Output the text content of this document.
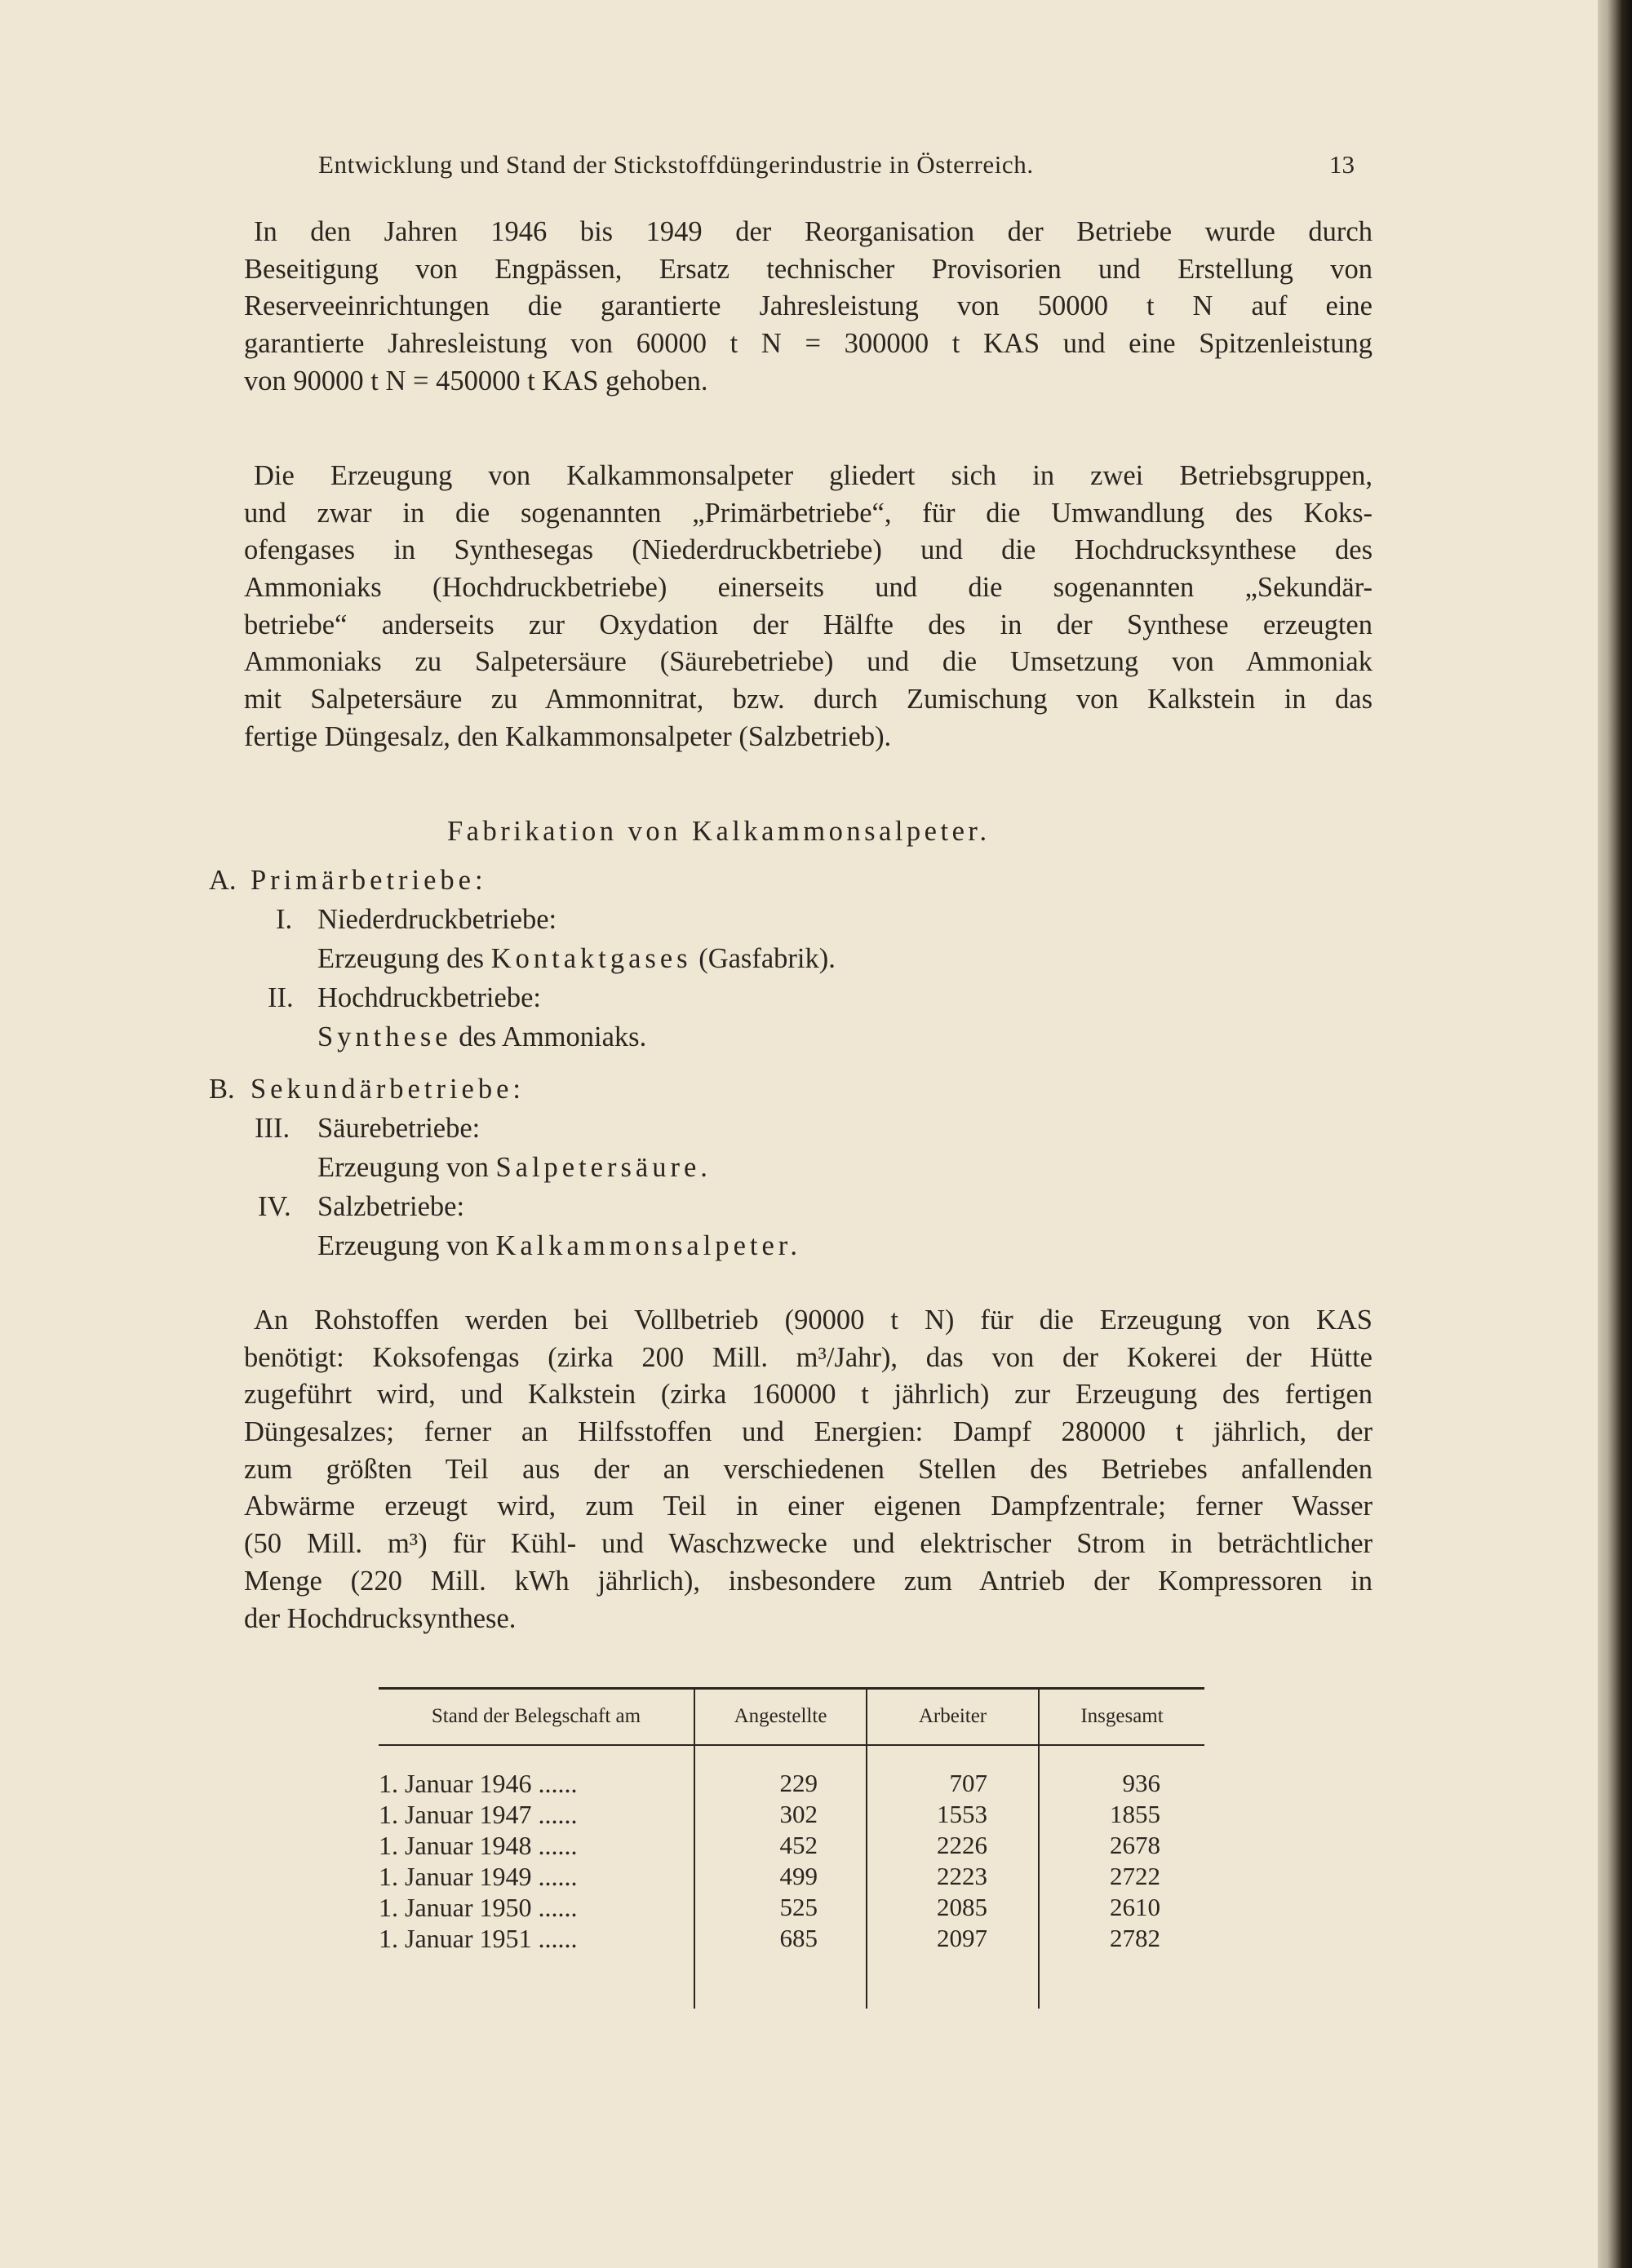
Entwicklung und Stand der Stickstoffdüngerindustrie in Österreich.	13
In den Jahren 1946 bis 1949 der Reorganisation der Betriebe wurde durch
Beseitigung von Engpässen, Ersatz technischer Provisorien und Erstellung von
Reserveeinrichtungen die garantierte Jahresleistung von 50000 t N auf eine
garantierte Jahresleistung von 60000 t N = 300000 t KAS und eine Spitzenleistung
von 90000 t N = 450000 t KAS gehoben.
Die Erzeugung von Kalkammonsalpeter gliedert sich in zwei Betriebsgruppen,
und zwar in die sogenannten „Primärbetriebe“, für die Umwandlung des Koks-
ofengases in Synthesegas (Niederdruckbetriebe) und die Hochdrucksynthese des
Ammoniaks (Hochdruckbetriebe) einerseits und die sogenannten „Sekundär-
betriebe“ anderseits zur Oxydation der Hälfte des in der Synthese erzeugten
Ammoniaks zu Salpetersäure (Säurebetriebe) und die Umsetzung von Ammoniak
mit Salpetersäure zu Ammonnitrat, bzw. durch Zumischung von Kalkstein in das
fertige Düngesalz, den Kalkammonsalpeter (Salzbetrieb).
Fabrikation von Kalkammonsalpeter.
A. Primärbetriebe:
I. Niederdruckbetriebe:
Erzeugung des Kontaktgases (Gasfabrik).
II. Hochdruckbetriebe:
Synthese des Ammoniaks.
B. Sekundärbetriebe:
III. Säurebetriebe:
Erzeugung von Salpetersäure.
IV. Salzbetriebe:
Erzeugung von Kalkammonsalpeter.
An Rohstoffen werden bei Vollbetrieb (90000 t N) für die Erzeugung von KAS
benötigt: Koksofengas (zirka 200 Mill. m³/Jahr), das von der Kokerei der Hütte
zugeführt wird, und Kalkstein (zirka 160000 t jährlich) zur Erzeugung des fertigen
Düngesalzes; ferner an Hilfsstoffen und Energien: Dampf 280000 t jährlich, der
zum größten Teil aus der an verschiedenen Stellen des Betriebes anfallenden
Abwärme erzeugt wird, zum Teil in einer eigenen Dampfzentrale; ferner Wasser
(50 Mill. m³) für Kühl- und Waschzwecke und elektrischer Strom in beträchtlicher
Menge (220 Mill. kWh jährlich), insbesondere zum Antrieb der Kompressoren in
der Hochdrucksynthese.
Stand der Belegschaft am	Angestellte	Arbeiter	Insgesamt
1. Januar 1946 ......	229	707	936
1. Januar 1947 ......	302	1553	1855
1. Januar 1948 ......	452	2226	2678
1. Januar 1949 ......	499	2223	2722
1. Januar 1950 ......	525	2085	2610
1. Januar 1951 ......	685	2097	2782
